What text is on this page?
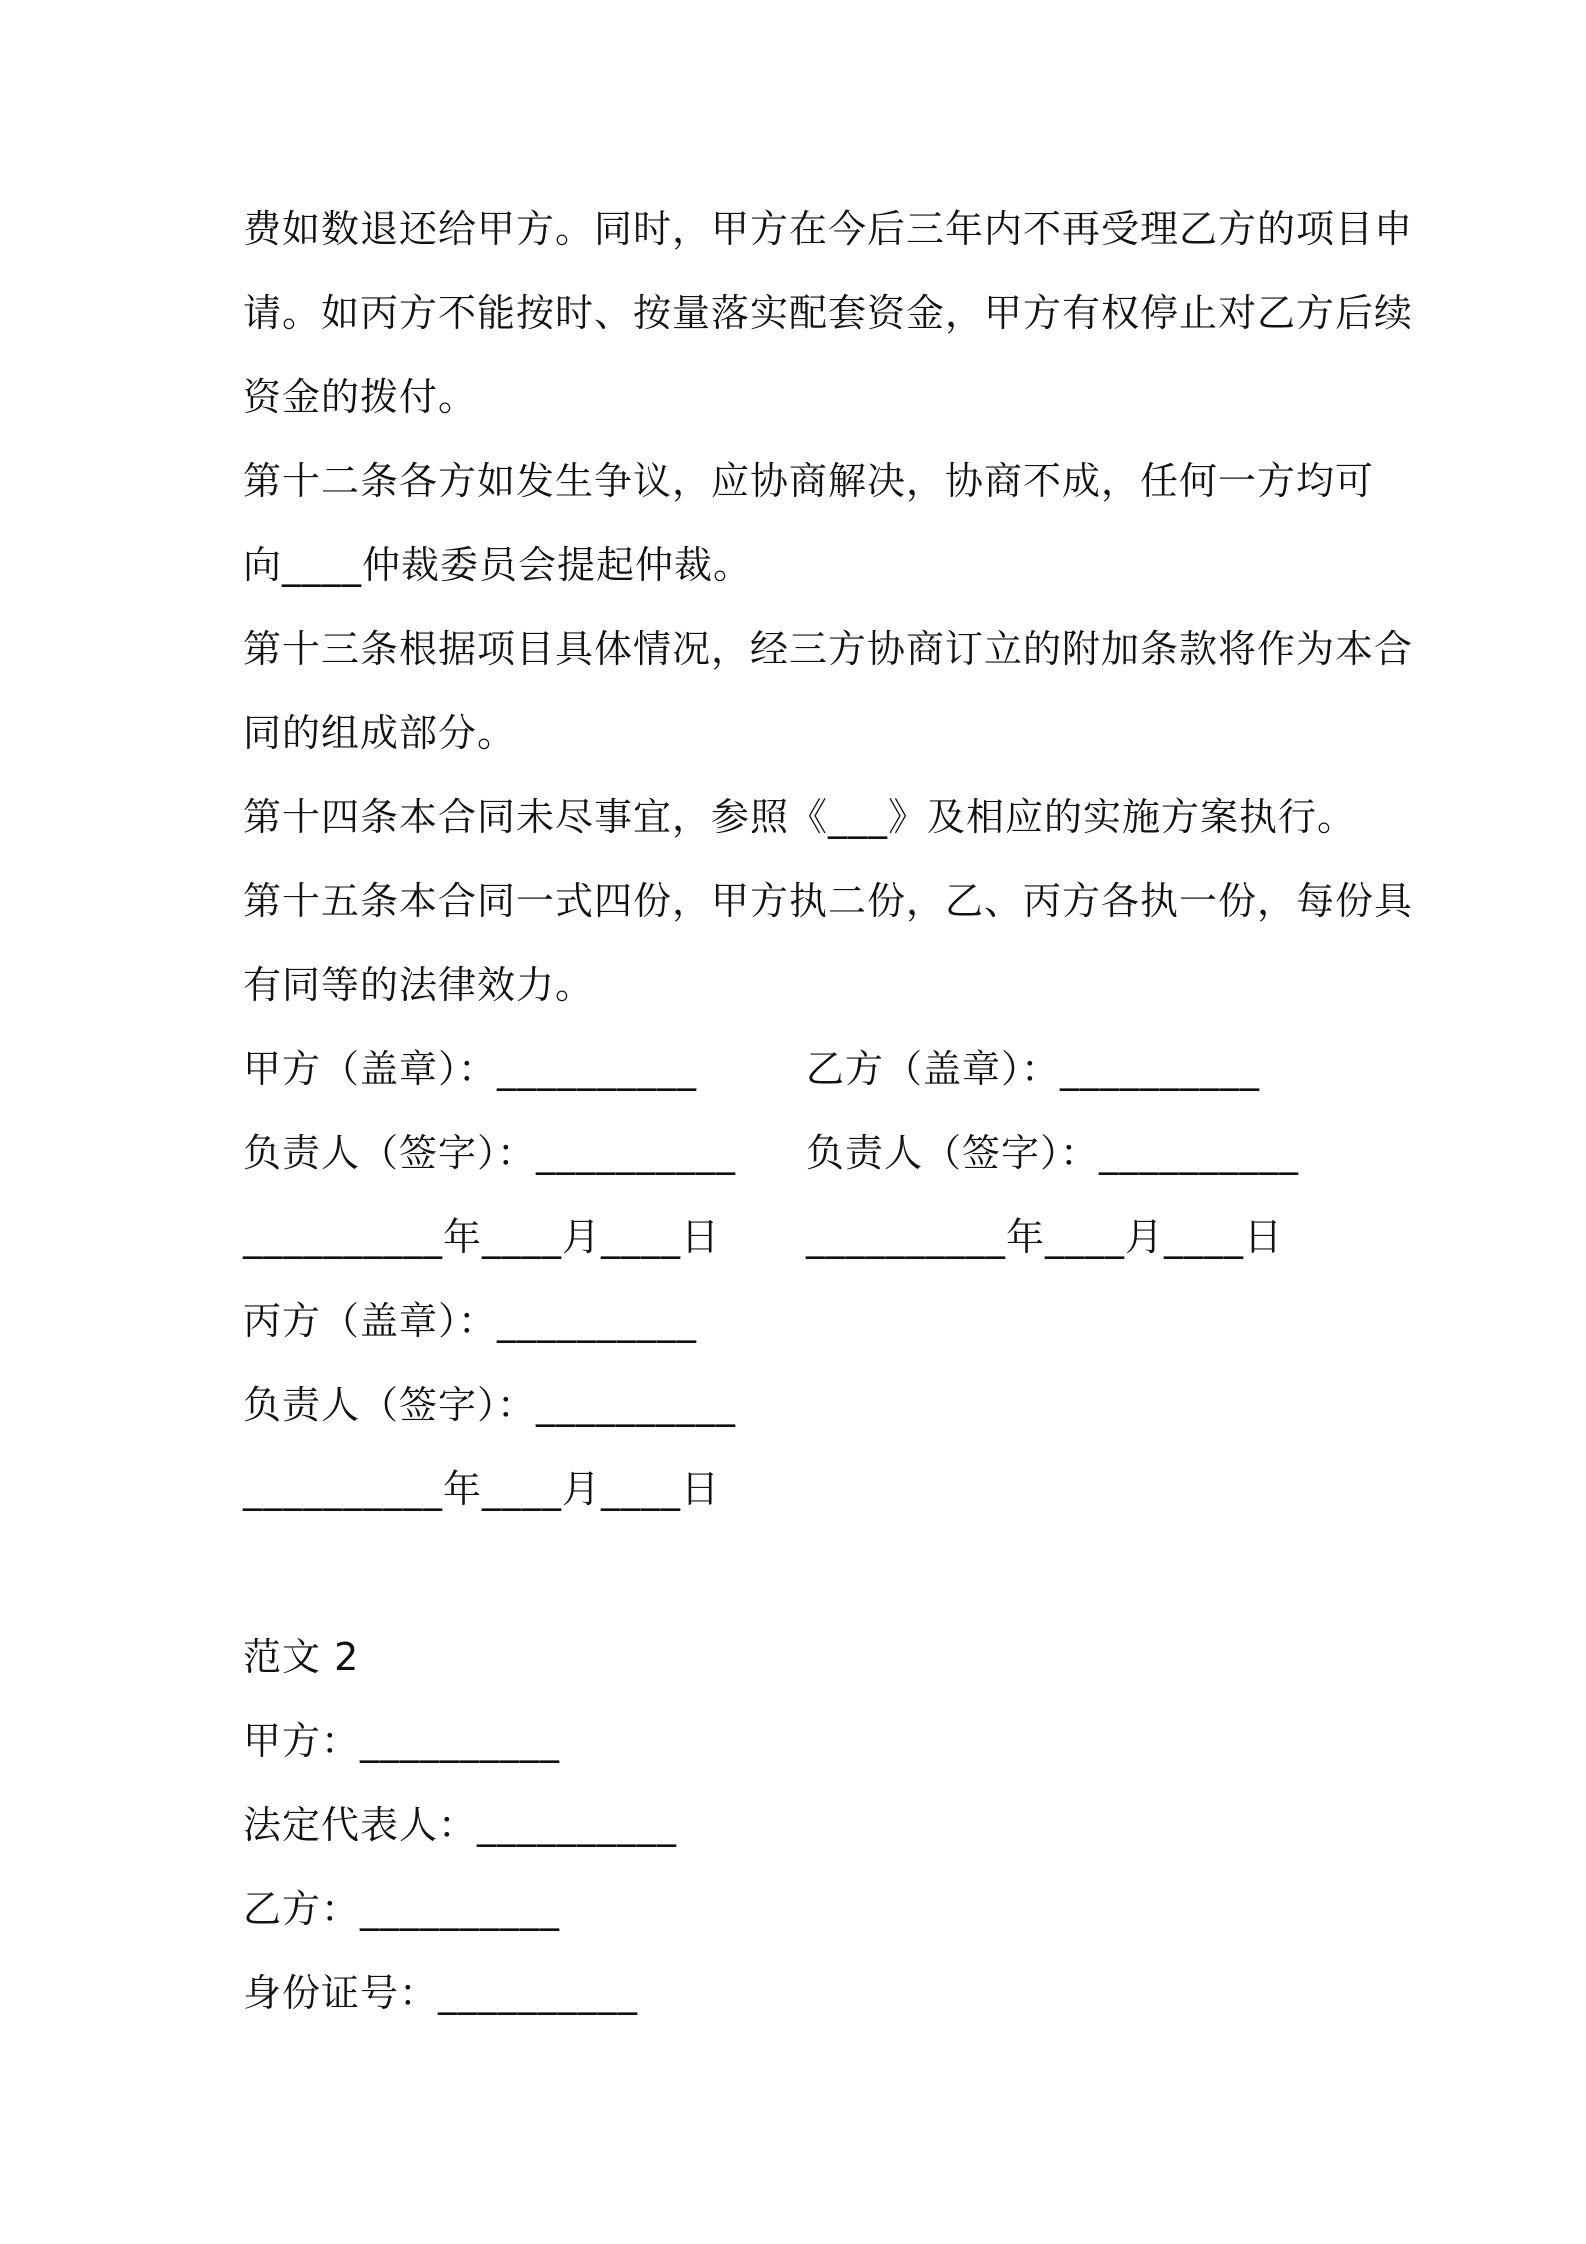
费如数退还给甲方。同时，甲方在今后三年内不再受理乙方的项目申
请。如丙方不能按时、按量落实配套资金，甲方有权停止对乙方后续
资金的拨付。
第十二条各方如发生争议，应协商解决，协商不成，任何一方均可
向____仲裁委员会提起仲裁。
第十三条根据项目具体情况，经三方协商订立的附加条款将作为本合
同的组成部分。
第十四条本合同未尽事宜，参照《___》及相应的实施方案执行。
第十五条本合同一式四份，甲方执二份，乙、丙方各执一份，每份具
有同等的法律效力。
甲方（盖章）：__________	乙方（盖章）：__________
负责人（签字）：__________	负责人（签字）：__________
__________年____月____日	__________年____月____日
丙方（盖章）：__________
负责人（签字）：__________
__________年____月____日
范文 2
甲方：__________
法定代表人：__________
乙方：__________
身份证号：__________
